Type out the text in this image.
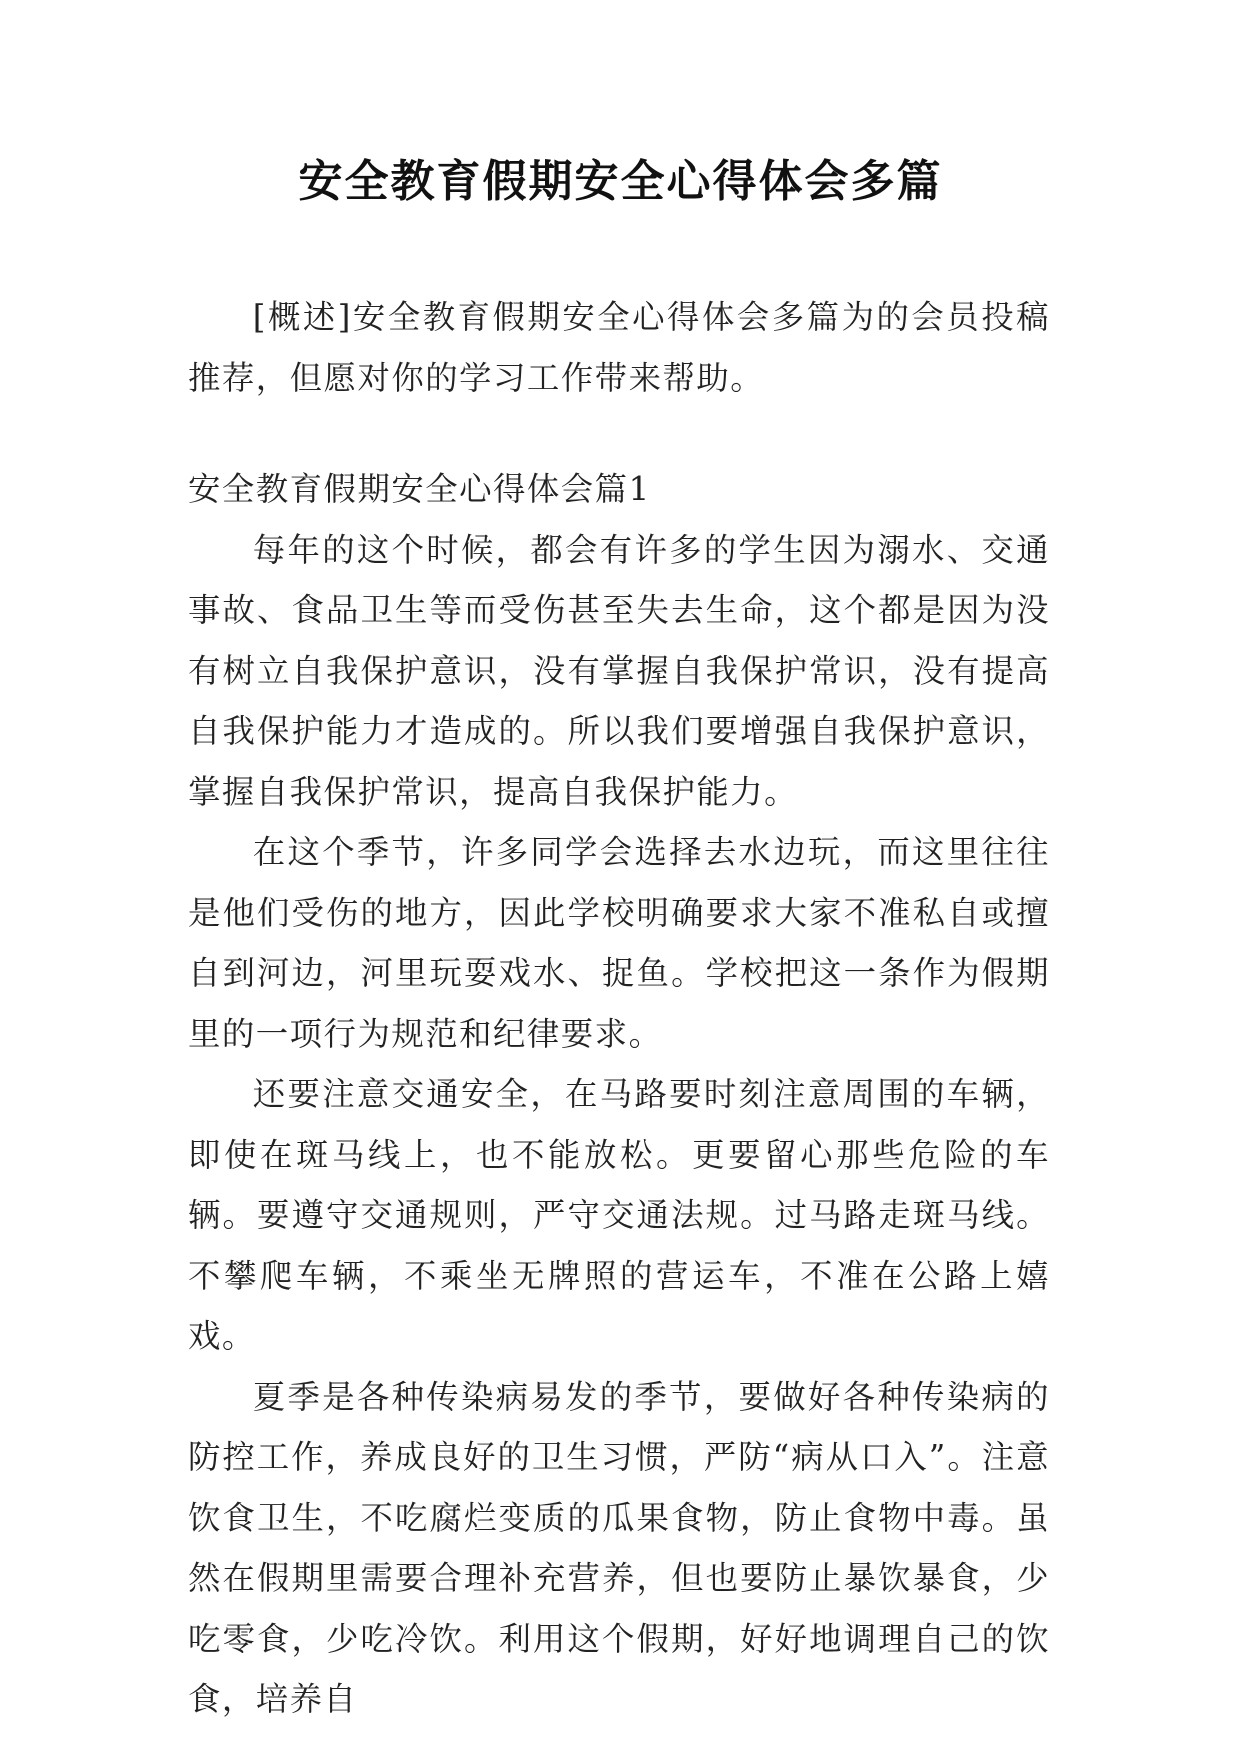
安全教育假期安全心得体会多篇

[概述]安全教育假期安全心得体会多篇为的会员投稿推荐，但愿对你的学习工作带来帮助。

安全教育假期安全心得体会篇1

每年的这个时候，都会有许多的学生因为溺水、交通事故、食品卫生等而受伤甚至失去生命，这个都是因为没有树立自我保护意识，没有掌握自我保护常识，没有提高自我保护能力才造成的。所以我们要增强自我保护意识，掌握自我保护常识，提高自我保护能力。

在这个季节，许多同学会选择去水边玩，而这里往往是他们受伤的地方，因此学校明确要求大家不准私自或擅自到河边，河里玩耍戏水、捉鱼。学校把这一条作为假期里的一项行为规范和纪律要求。

还要注意交通安全，在马路要时刻注意周围的车辆，即使在斑马线上，也不能放松。更要留心那些危险的车辆。要遵守交通规则，严守交通法规。过马路走斑马线。不攀爬车辆，不乘坐无牌照的营运车，不准在公路上嬉戏。

夏季是各种传染病易发的季节，要做好各种传染病的防控工作，养成良好的卫生习惯，严防“病从口入”。注意饮食卫生，不吃腐烂变质的瓜果食物，防止食物中毒。虽然在假期里需要合理补充营养，但也要防止暴饮暴食，少吃零食，少吃冷饮。利用这个假期，好好地调理自己的饮食，培养自
